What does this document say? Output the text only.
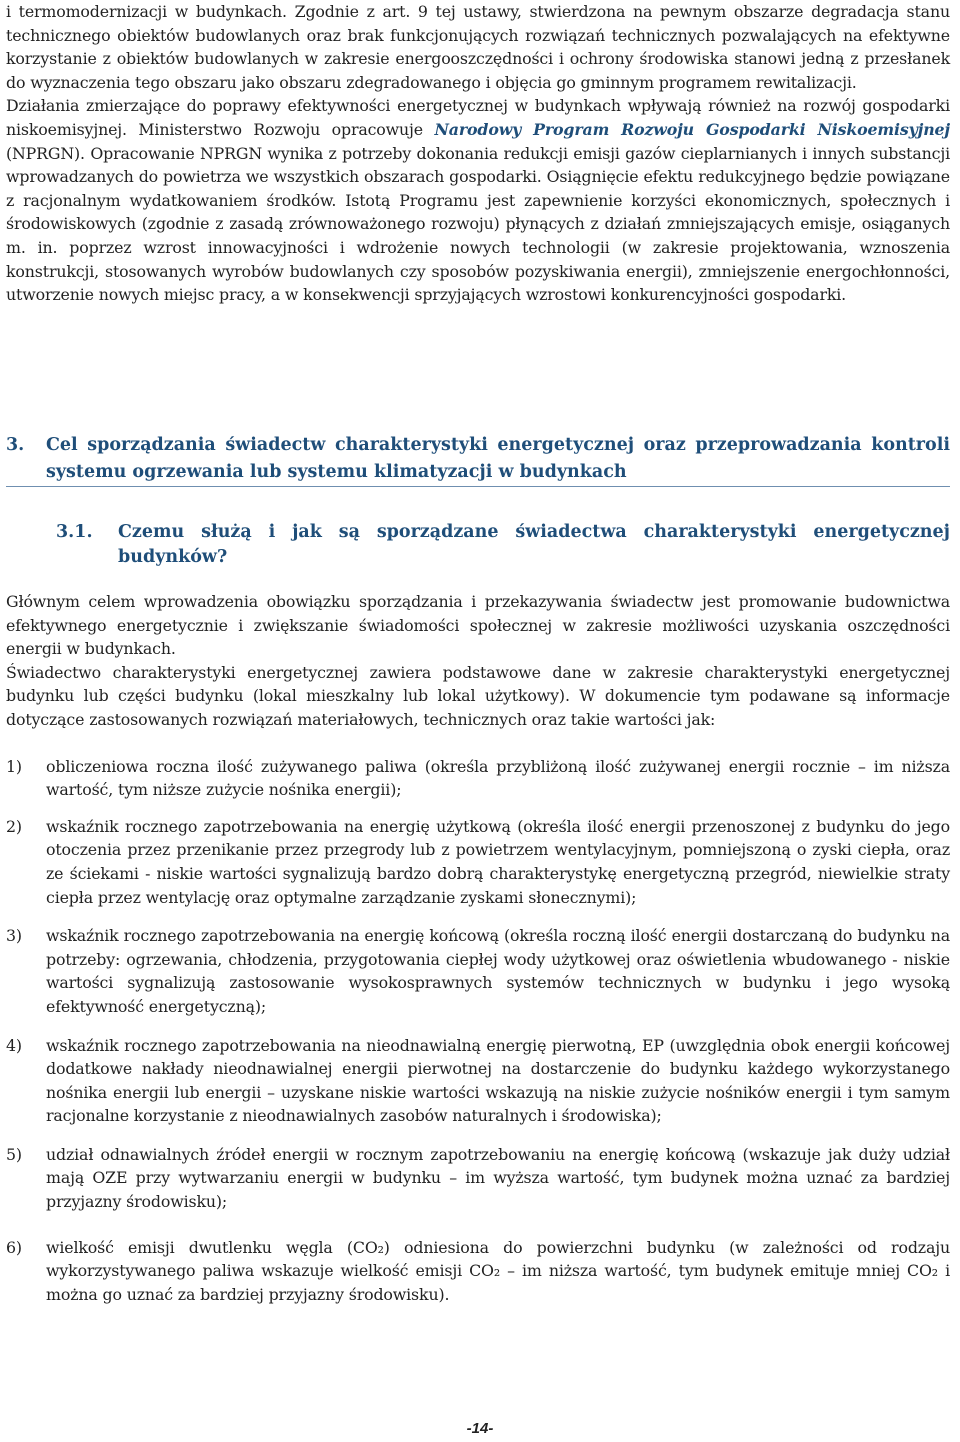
i termomodernizacji w budynkach. Zgodnie z art. 9 tej ustawy, stwierdzona na pewnym obszarze degradacja stanu technicznego obiektów budowlanych oraz brak funkcjonujących rozwiązań technicznych pozwalających na efektywne korzystanie z obiektów budowlanych w zakresie energooszczędności i ochrony środowiska stanowi jedną z przesłanek do wyznaczenia tego obszaru jako obszaru zdegradowanego i objęcia go gminnym programem rewitalizacji.

Działania zmierzające do poprawy efektywności energetycznej w budynkach wpływają również na rozwój gospodarki niskoemisyjnej. Ministerstwo Rozwoju opracowuje Narodowy Program Rozwoju Gospodarki Niskoemisyjnej (NPRGN). Opracowanie NPRGN wynika z potrzeby dokonania redukcji emisji gazów cieplarnianych i innych substancji wprowadzanych do powietrza we wszystkich obszarach gospodarki. Osiągnięcie efektu redukcyjnego będzie powiązane z racjonalnym wydatkowaniem środków. Istotą Programu jest zapewnienie korzyści ekonomicznych, społecznych i środowiskowych (zgodnie z zasadą zrównoważonego rozwoju) płynących z działań zmniejszających emisje, osiąganych m. in. poprzez wzrost innowacyjności i wdrożenie nowych technologii (w zakresie projektowania, wznoszenia konstrukcji, stosowanych wyrobów budowlanych czy sposobów pozyskiwania energii), zmniejszenie energochłonności, utworzenie nowych miejsc pracy, a w konsekwencji sprzyjających wzrostowi konkurencyjności gospodarki.

3.	Cel sporządzania świadectw charakterystyki energetycznej oraz przeprowadzania kontroli systemu ogrzewania lub systemu klimatyzacji w budynkach
3.1.	Czemu służą i jak są sporządzane świadectwa charakterystyki energetycznej budynków?

Głównym celem wprowadzenia obowiązku sporządzania i przekazywania świadectw jest promowanie budownictwa efektywnego energetycznie i zwiększanie świadomości społecznej w zakresie możliwości uzyskania oszczędności energii w budynkach.

Świadectwo charakterystyki energetycznej zawiera podstawowe dane w zakresie charakterystyki energetycznej budynku lub części budynku (lokal mieszkalny lub lokal użytkowy). W dokumencie tym podawane są informacje dotyczące zastosowanych rozwiązań materiałowych, technicznych oraz takie wartości jak:

1)	obliczeniowa roczna ilość zużywanego paliwa (określa przybliżoną ilość zużywanej energii rocznie – im niższa wartość, tym niższe zużycie nośnika energii);
2)	wskaźnik rocznego zapotrzebowania na energię użytkową (określa ilość energii przenoszonej z budynku do jego otoczenia przez przenikanie przez przegrody lub z powietrzem wentylacyjnym, pomniejszoną o zyski ciepła, oraz ze ściekami - niskie wartości sygnalizują bardzo dobrą charakterystykę energetyczną przegród, niewielkie straty ciepła przez wentylację oraz optymalne zarządzanie zyskami słonecznymi);
3)	wskaźnik rocznego zapotrzebowania na energię końcową (określa roczną ilość energii dostarczaną do budynku na potrzeby: ogrzewania, chłodzenia, przygotowania ciepłej wody użytkowej oraz oświetlenia wbudowanego - niskie wartości sygnalizują zastosowanie wysokosprawnych systemów technicznych w budynku i jego wysoką efektywność energetyczną);
4)	wskaźnik rocznego zapotrzebowania na nieodnawialną energię pierwotną, EP (uwzględnia obok energii końcowej dodatkowe nakłady nieodnawialnej energii pierwotnej na dostarczenie do budynku każdego wykorzystanego nośnika energii lub energii – uzyskane niskie wartości wskazują na niskie zużycie nośników energii i tym samym racjonalne korzystanie z nieodnawialnych zasobów naturalnych i środowiska);
5)	udział odnawialnych źródeł energii w rocznym zapotrzebowaniu na energię końcową (wskazuje jak duży udział mają OZE przy wytwarzaniu energii w budynku – im wyższa wartość, tym budynek można uznać za bardziej przyjazny środowisku);
6)	wielkość emisji dwutlenku węgla (CO₂) odniesiona do powierzchni budynku (w zależności od rodzaju wykorzystywanego paliwa wskazuje wielkość emisji CO₂ – im niższa wartość, tym budynek emituje mniej CO₂ i można go uznać za bardziej przyjazny środowisku).
-14-
